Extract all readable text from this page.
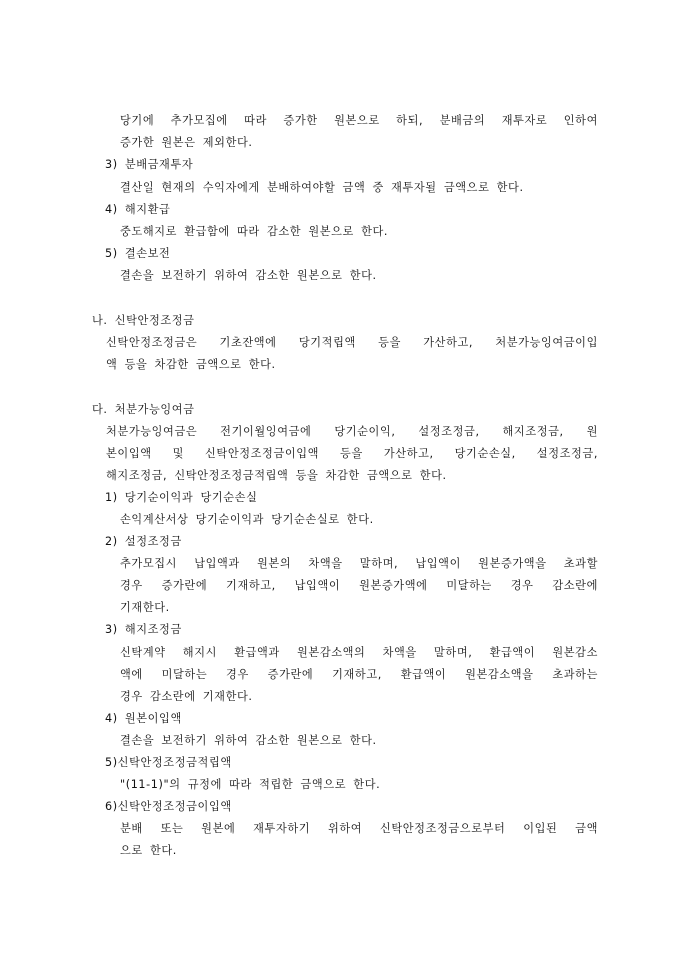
당기에 추가모집에 따라 증가한 원본으로 하되, 분배금의 재투자로 인하여
증가한 원본은 제외한다.
3) 분배금재투자
결산일 현재의 수익자에게 분배하여야할 금액 중 재투자될 금액으로 한다.
4) 해지환급
중도해지로 환급함에 따라 감소한 원본으로 한다.
5) 결손보전
결손을 보전하기 위하여 감소한 원본으로 한다.
나. 신탁안정조정금
신탁안정조정금은 기초잔액에 당기적립액 등을 가산하고, 처분가능잉여금이입
액 등을 차감한 금액으로 한다.
다. 처분가능잉여금
처분가능잉여금은 전기이월잉여금에 당기순이익, 설정조정금, 해지조정금, 원
본이입액 및 신탁안정조정금이입액 등을 가산하고, 당기순손실, 설정조정금,
해지조정금, 신탁안정조정금적립액 등을 차감한 금액으로 한다.
1) 당기순이익과 당기순손실
손익계산서상 당기순이익과 당기순손실로 한다.
2) 설정조정금
추가모집시 납입액과 원본의 차액을 말하며, 납입액이 원본증가액을 초과할
경우 증가란에 기재하고, 납입액이 원본증가액에 미달하는 경우 감소란에
기재한다.
3) 해지조정금
신탁계약 해지시 환급액과 원본감소액의 차액을 말하며, 환급액이 원본감소
액에 미달하는 경우 증가란에 기재하고, 환급액이 원본감소액을 초과하는
경우 감소란에 기재한다.
4) 원본이입액
결손을 보전하기 위하여 감소한 원본으로 한다.
5)신탁안정조정금적립액
"(11-1)"의 규정에 따라 적립한 금액으로 한다.
6)신탁안정조정금이입액
분배 또는 원본에 재투자하기 위하여 신탁안정조정금으로부터 이입된 금액
으로 한다.
